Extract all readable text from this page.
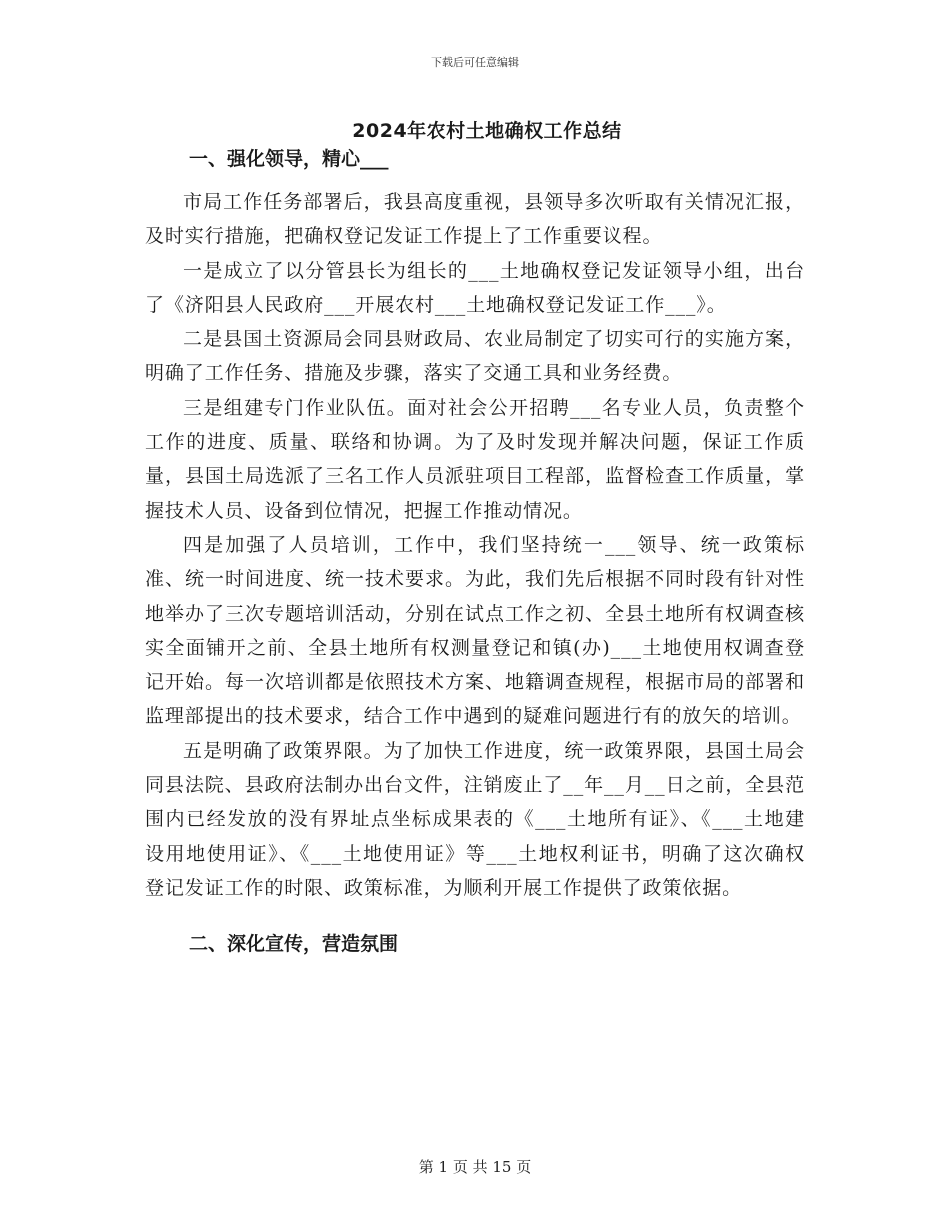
下载后可任意编辑
2024年农村土地确权工作总结

一、强化领导，精心___

市局工作任务部署后，我县高度重视，县领导多次听取有关情况汇报，及时实行措施，把确权登记发证工作提上了工作重要议程。

一是成立了以分管县长为组长的___土地确权登记发证领导小组，出台了《济阳县人民政府___开展农村___土地确权登记发证工作___》。

二是县国土资源局会同县财政局、农业局制定了切实可行的实施方案，明确了工作任务、措施及步骤，落实了交通工具和业务经费。

三是组建专门作业队伍。面对社会公开招聘___名专业人员，负责整个工作的进度、质量、联络和协调。为了及时发现并解决问题，保证工作质量，县国土局选派了三名工作人员派驻项目工程部，监督检查工作质量，掌握技术人员、设备到位情况，把握工作推动情况。

四是加强了人员培训，工作中，我们坚持统一___领导、统一政策标准、统一时间进度、统一技术要求。为此，我们先后根据不同时段有针对性地举办了三次专题培训活动，分别在试点工作之初、全县土地所有权调查核实全面铺开之前、全县土地所有权测量登记和镇(办)___土地使用权调查登记开始。每一次培训都是依照技术方案、地籍调查规程，根据市局的部署和监理部提出的技术要求，结合工作中遇到的疑难问题进行有的放矢的培训。

五是明确了政策界限。为了加快工作进度，统一政策界限，县国土局会同县法院、县政府法制办出台文件，注销废止了__年__月__日之前，全县范围内已经发放的没有界址点坐标成果表的《___土地所有证》、《___土地建设用地使用证》、《___土地使用证》等___土地权利证书，明确了这次确权登记发证工作的时限、政策标准，为顺利开展工作提供了政策依据。

二、深化宣传，营造氛围

第 1 页 共 15 页
